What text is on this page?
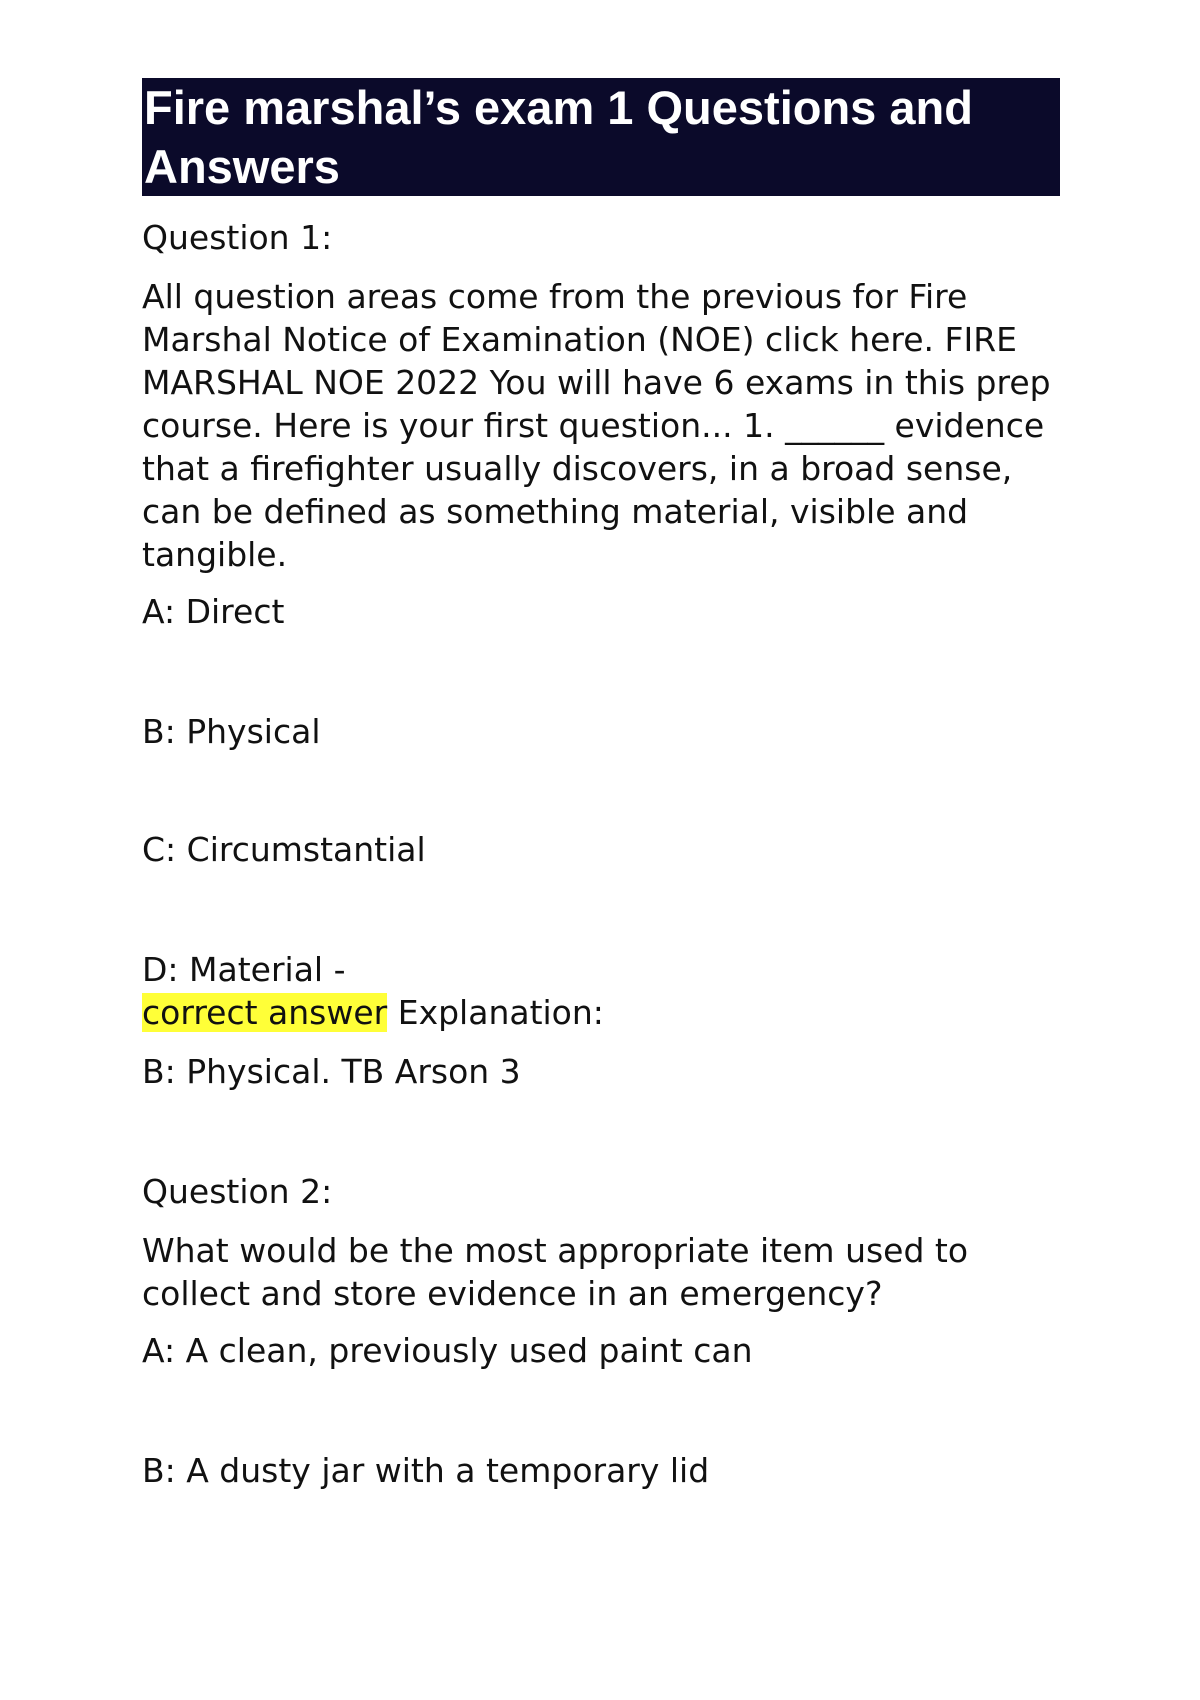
Fire marshal’s exam 1 Questions and Answers

Question 1:

All question areas come from the previous for Fire Marshal Notice of Examination (NOE) click here. FIRE MARSHAL NOE 2022 You will have 6 exams in this prep course. Here is your first question... 1. ______ evidence that a firefighter usually discovers, in a broad sense, can be defined as something material, visible and tangible.

A: Direct

B: Physical

C: Circumstantial

D: Material -

correct answer Explanation:

B: Physical. TB Arson 3

Question 2:

What would be the most appropriate item used to collect and store evidence in an emergency?

A: A clean, previously used paint can

B: A dusty jar with a temporary lid
